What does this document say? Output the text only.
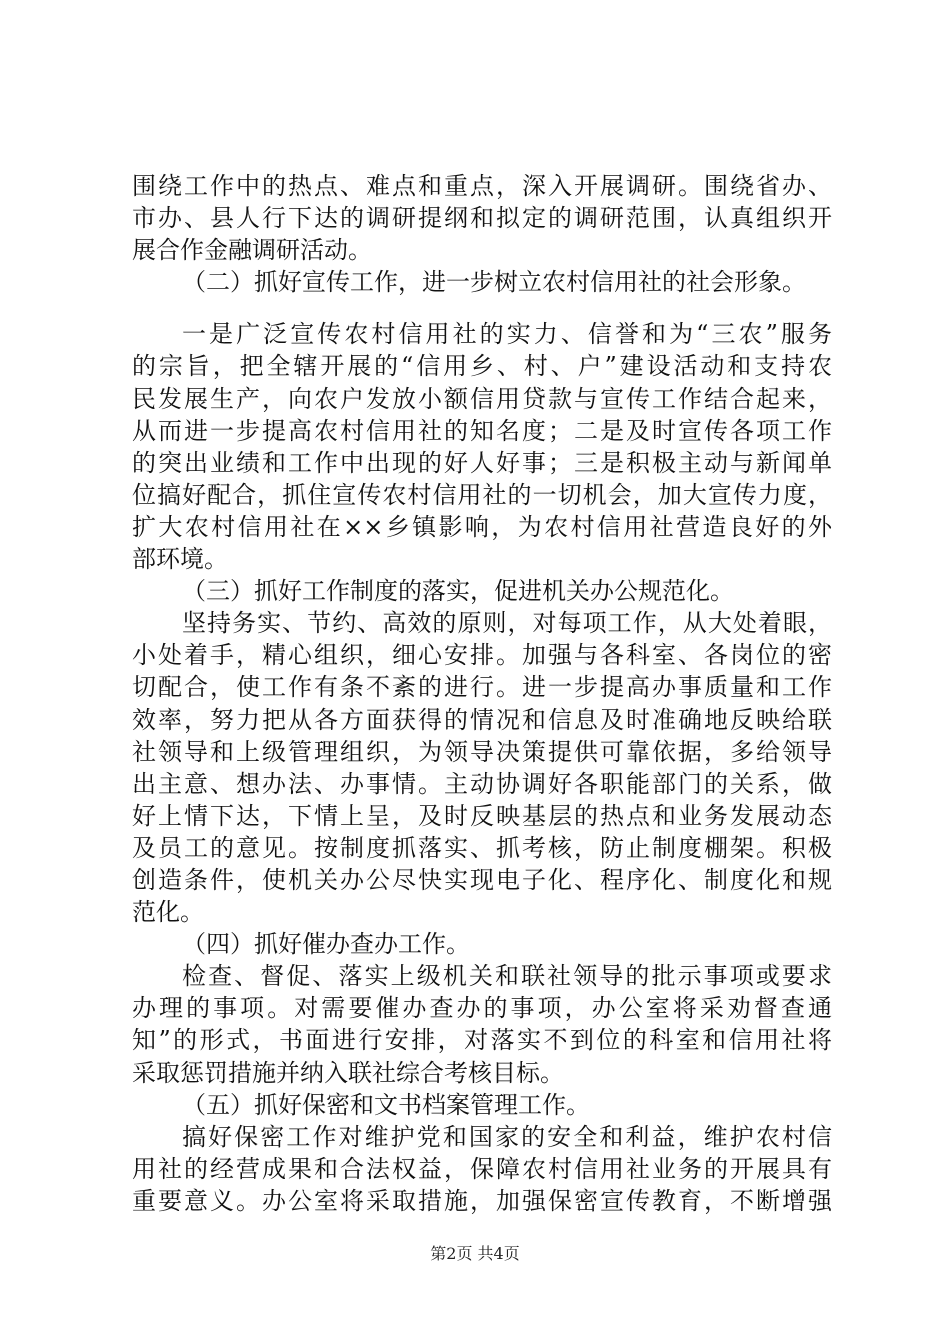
围绕工作中的热点、难点和重点，深入开展调研。围绕省办、
市办、县人行下达的调研提纲和拟定的调研范围，认真组织开
展合作金融调研活动。
（二）抓好宣传工作，进一步树立农村信用社的社会形象。
一是广泛宣传农村信用社的实力、信誉和为“三农”服务
的宗旨，把全辖开展的“信用乡、村、户”建设活动和支持农
民发展生产，向农户发放小额信用贷款与宣传工作结合起来，
从而进一步提高农村信用社的知名度；二是及时宣传各项工作
的突出业绩和工作中出现的好人好事；三是积极主动与新闻单
位搞好配合，抓住宣传农村信用社的一切机会，加大宣传力度，
扩大农村信用社在××乡镇影响，为农村信用社营造良好的外
部环境。
（三）抓好工作制度的落实，促进机关办公规范化。
坚持务实、节约、高效的原则，对每项工作，从大处着眼，
小处着手，精心组织，细心安排。加强与各科室、各岗位的密
切配合，使工作有条不紊的进行。进一步提高办事质量和工作
效率，努力把从各方面获得的情况和信息及时准确地反映给联
社领导和上级管理组织，为领导决策提供可靠依据，多给领导
出主意、想办法、办事情。主动协调好各职能部门的关系，做
好上情下达，下情上呈，及时反映基层的热点和业务发展动态
及员工的意见。按制度抓落实、抓考核，防止制度棚架。积极
创造条件，使机关办公尽快实现电子化、程序化、制度化和规
范化。
（四）抓好催办查办工作。
检查、督促、落实上级机关和联社领导的批示事项或要求
办理的事项。对需要催办查办的事项，办公室将采劝督查通
知”的形式，书面进行安排，对落实不到位的科室和信用社将
采取惩罚措施并纳入联社综合考核目标。
（五）抓好保密和文书档案管理工作。
搞好保密工作对维护党和国家的安全和利益，维护农村信
用社的经营成果和合法权益，保障农村信用社业务的开展具有
重要意义。办公室将采取措施，加强保密宣传教育，不断增强
第2页 共4页
